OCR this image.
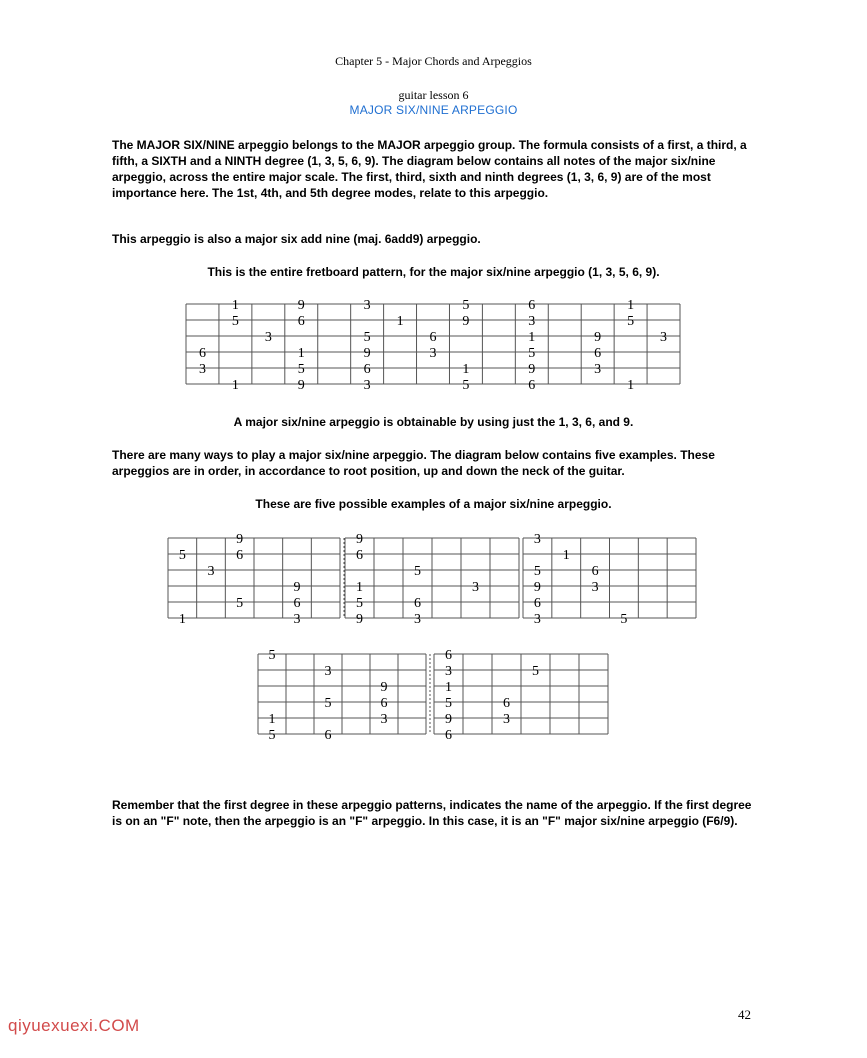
Chapter 5 - Major Chords and Arpeggios
guitar lesson 6
MAJOR SIX/NINE ARPEGGIO
The MAJOR SIX/NINE arpeggio belongs to the MAJOR arpeggio group. The formula consists of a first, a third, a fifth, a SIXTH and a NINTH degree (1, 3, 5, 6, 9). The diagram below contains all notes of the major six/nine arpeggio, across the entire major scale. The first, third, sixth and ninth degrees (1, 3, 6, 9) are of the most importance here. The 1st, 4th, and 5th degree modes, relate to this arpeggio.
This arpeggio is also a major six add nine (maj. 6add9) arpeggio.
This is the entire fretboard pattern, for the major six/nine arpeggio (1, 3, 5, 6, 9).
1	9	3	5	6	1
5	6	1	9	3	5
3	5	6	1	9	3
6	1	9	3	5	6
3	5	6	1	9	3
1	9	3	5	6	1
A major six/nine arpeggio is obtainable by using just the 1, 3, 6, and 9.
There are many ways to play a major six/nine arpeggio. The diagram below contains five examples. These arpeggios are in order, in accordance to root position, up and down the neck of the guitar.
These are five possible examples of a major six/nine arpeggio.
9
5	6
3
9
5	6
1	3
9
6
5
1	3
5	6
9	3
3
1
5	6
9	3
6
3	5
5
3
9
5	6
1	3
5	6
6
3	5
1
5	6
9	3
6
Remember that the first degree in these arpeggio patterns, indicates the name of the arpeggio. If the first degree is on an "F" note, then the arpeggio is an "F" arpeggio. In this case, it is an "F" major six/nine arpeggio (F6/9).
42
qiyuexuexi.COM
